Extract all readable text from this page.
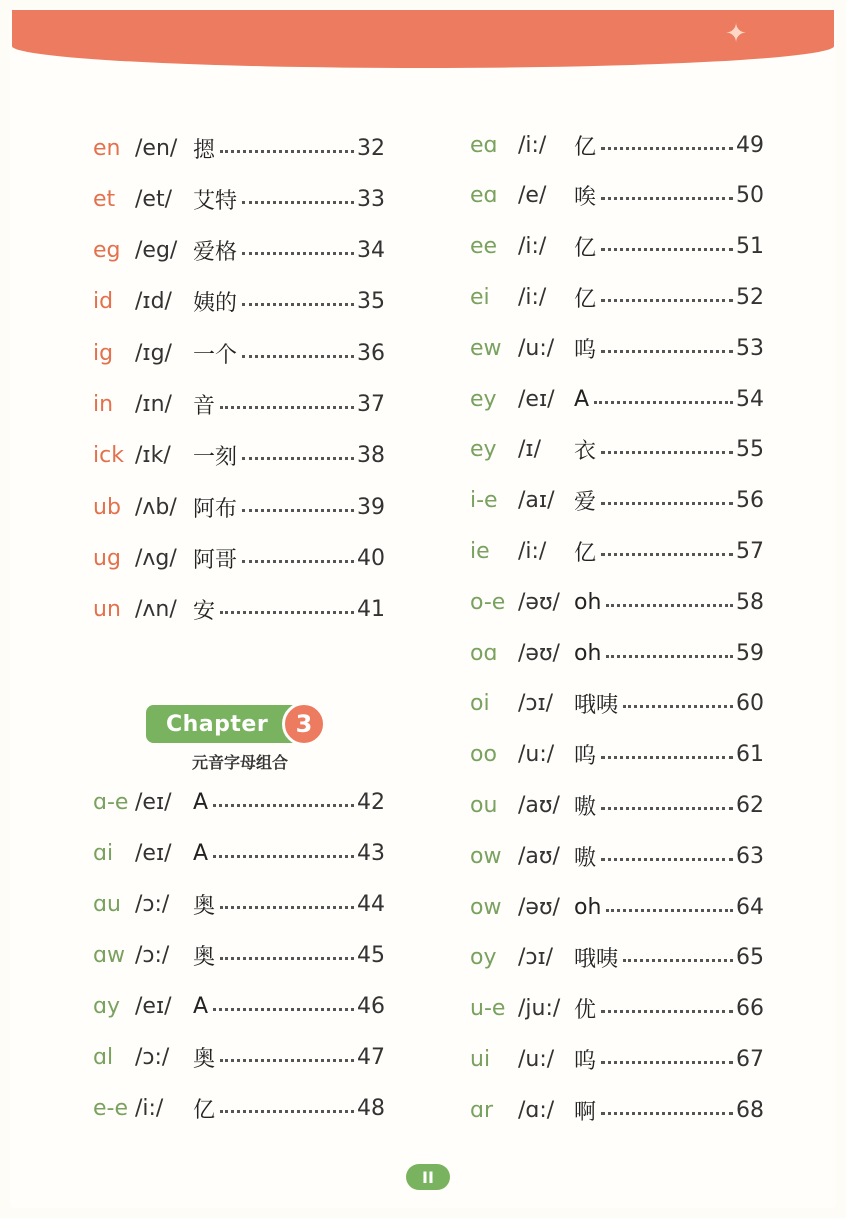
✦
en /en/ 摁	32
et /et/ 艾特	33
eg /eg/ 爱格	34
id /ɪd/ 姨的	35
ig /ɪg/ 一个	36
in /ɪn/ 音	37
ick /ɪk/	一刻	38
ub /ʌb/ 阿布	39
ug /ʌg/ 阿哥	40
un /ʌn/ 安	41
ɑ-e /eɪ/ A	42
ɑi /eɪ/ A	43
ɑu /ɔ:/	奥	44
ɑw /ɔ:/	奥	45
ɑy /eɪ/ A	46
ɑl /ɔ:/	奥	47
e-e /i:/	亿	48
eɑ /i:/	亿	49
eɑ /e/	唉	50
ee /i:/	亿	51
ei	/i:/	亿	52
ew /u:/ 呜	53
ey /eɪ/ A	54
ey /ɪ/	衣	55
i-e /aɪ/ 爱	56
ie	/i:/	亿	57
o-e /əʊ/ oh	58
oɑ /əʊ/ oh	59
oi	/ɔɪ/ 哦咦	60
oo /u:/ 呜	61
ou /aʊ/ 嗷	62
ow /aʊ/ 嗷	63
ow /əʊ/ oh	64
oy /ɔɪ/ 哦咦	65
u-e /ju:/ 优	66
ui	/u:/ 呜	67
ɑr	/ɑ:/ 啊	68
Chapter	3
元音字母组合
II
